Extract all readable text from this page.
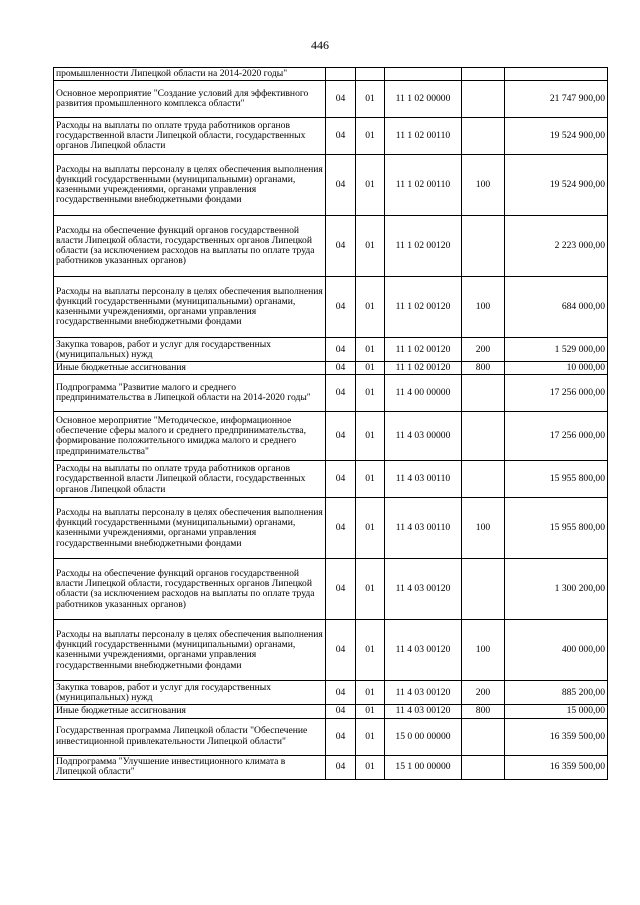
446
промышленности Липецкой области на 2014-2020 годы"					
Основное мероприятие "Создание условий для эффективного развития промышленного комплекса области"	04	01	11 1 02 00000		21 747 900,00
Расходы на выплаты по оплате труда работников органов государственной власти Липецкой области, государственных органов Липецкой области	04	01	11 1 02 00110		19 524 900,00
Расходы на выплаты персоналу в целях обеспечения выполнения функций государственными (муниципальными) органами, казенными учреждениями, органами управления государственными внебюджетными фондами	04	01	11 1 02 00110	100	19 524 900,00
Расходы на обеспечение функций органов государственной власти Липецкой области, государственных органов Липецкой области (за исключением расходов на выплаты по оплате труда работников указанных органов)	04	01	11 1 02 00120		2 223 000,00
Расходы на выплаты персоналу в целях обеспечения выполнения функций государственными (муниципальными) органами, казенными учреждениями, органами управления государственными внебюджетными фондами	04	01	11 1 02 00120	100	684 000,00
Закупка товаров, работ и услуг для государственных (муниципальных) нужд	04	01	11 1 02 00120	200	1 529 000,00
Иные бюджетные ассигнования	04	01	11 1 02 00120	800	10 000,00
Подпрограмма "Развитие малого и среднего предпринимательства в Липецкой области на 2014-2020 годы"	04	01	11 4 00 00000		17 256 000,00
Основное мероприятие "Методическое, информационное обеспечение сферы малого и среднего предпринимательства, формирование положительного имиджа малого и среднего предпринимательства"	04	01	11 4 03 00000		17 256 000,00
Расходы на выплаты по оплате труда работников органов государственной власти Липецкой области, государственных органов Липецкой области	04	01	11 4 03 00110		15 955 800,00
Расходы на выплаты персоналу в целях обеспечения выполнения функций государственными (муниципальными) органами, казенными учреждениями, органами управления государственными внебюджетными фондами	04	01	11 4 03 00110	100	15 955 800,00
Расходы на обеспечение функций органов государственной власти Липецкой области, государственных органов Липецкой области (за исключением расходов на выплаты по оплате труда работников указанных органов)	04	01	11 4 03 00120		1 300 200,00
Расходы на выплаты персоналу в целях обеспечения выполнения функций государственными (муниципальными) органами, казенными учреждениями, органами управления государственными внебюджетными фондами	04	01	11 4 03 00120	100	400 000,00
Закупка товаров, работ и услуг для государственных (муниципальных) нужд	04	01	11 4 03 00120	200	885 200,00
Иные бюджетные ассигнования	04	01	11 4 03 00120	800	15 000,00
Государственная программа Липецкой области "Обеспечение инвестиционной привлекательности Липецкой области"	04	01	15 0 00 00000		16 359 500,00
Подпрограмма "Улучшение инвестиционного климата в Липецкой области"	04	01	15 1 00 00000		16 359 500,00
